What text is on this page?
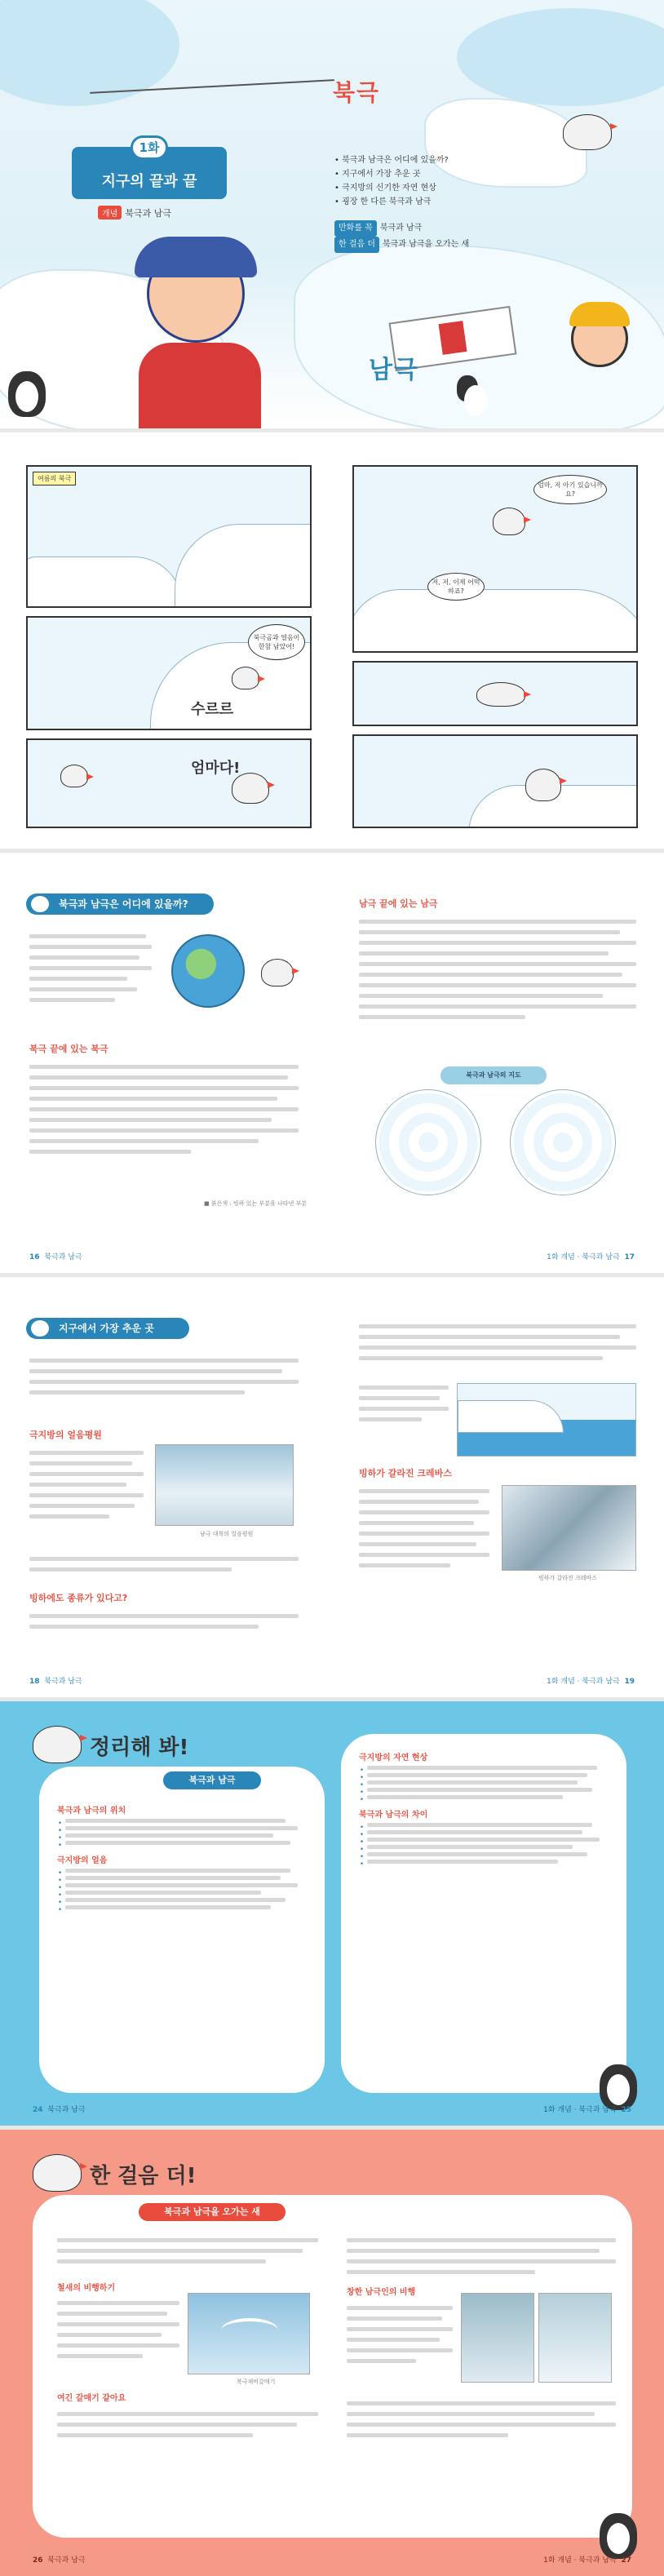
북극
지구의 끝과 끝
1화
개념 북극과 남극
• 북극과 남극은 어디에 있을까?
• 지구에서 가장 추운 곳
• 극지방의 신기한 자연 현상
• 굉장 한 다른 북극과 남극
만화를 꼭 북극과 남극
한 걸음 더 북극과 남극을 오가는 새
남극
여름의 북극
북극곰과 얼음이 한참 남았어!
수르르
엄마다!
엄마, 저 아기 있습니까요?
저, 저, 이제 어떡하죠?
북극과 남극은 어디에 있을까?
북극 끝에 있는 북극
■ 붉은색 : 빙하 있는 부분을 나타낸 부분
16 북극과 남극
남극 끝에 있는 남극
북극과 남극의 지도
1화 개념 · 북극과 남극 17
지구에서 가장 추운 곳
극지방의 얼음평원
남극 대륙의 얼음평원
빙하에도 종류가 있다고?
18 북극과 남극
빙하가 갈라진 크레바스
빙하가 갈라진 크레바스
1화 개념 · 북극과 남극 19
정리해 봐!
북극과 남극
북극과 남극의 위치
•
•
•
•
극지방의 얼음
•
•
•
•
•
•
극지방의 자연 현상
•
•
•
•
•
북극과 남극의 차이
•
•
•
•
•
•
24 북극과 남극	1화 개념 · 북극과 남극 25
한 걸음 더!
북극과 남극을 오가는 새
철새의 비행하기
북극제비갈매기
여긴 갈매기 같아요
창한 남극인의 비행
26 북극과 남극	1화 개념 · 북극과 남극 27
